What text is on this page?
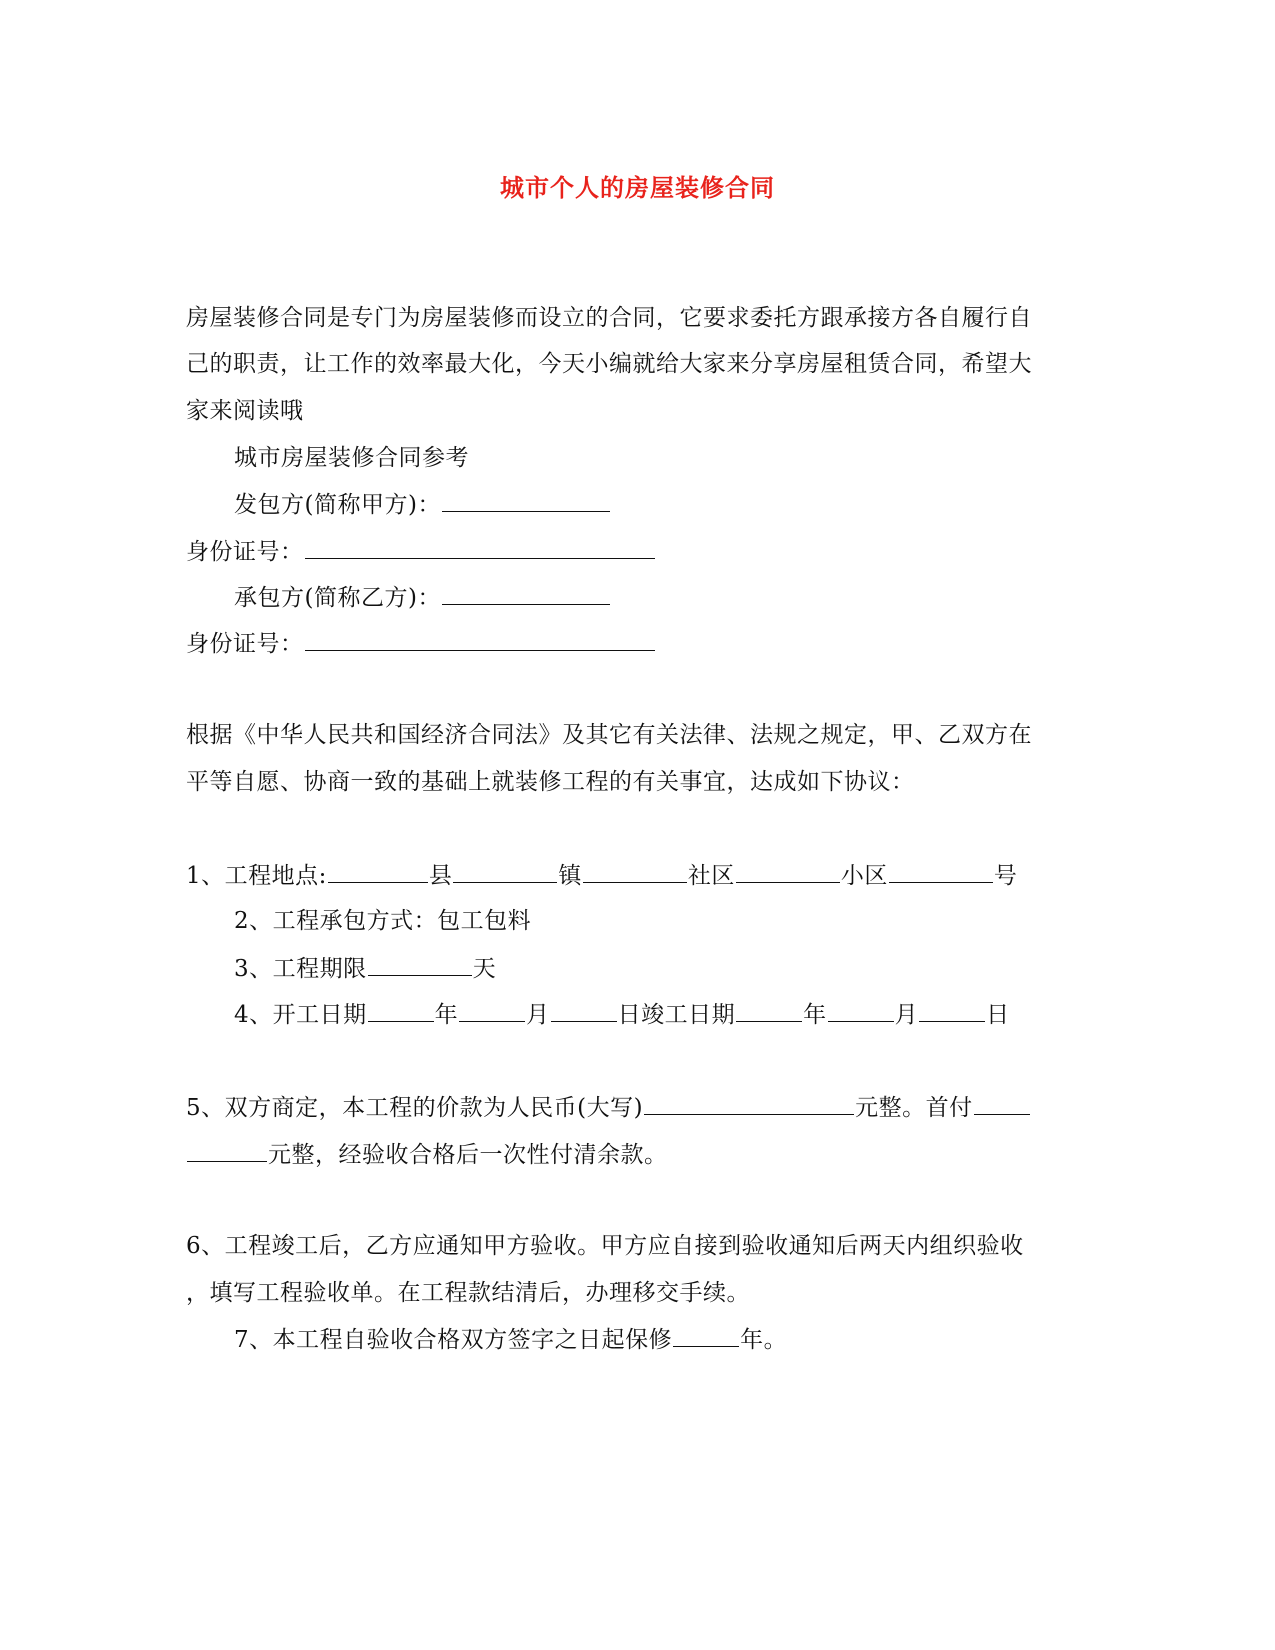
城市个人的房屋装修合同
房屋装修合同是专门为房屋装修而设立的合同，它要求委托方跟承接方各自履行自
己的职责，让工作的效率最大化，今天小编就给大家来分享房屋租赁合同，希望大
家来阅读哦
城市房屋装修合同参考
发包方(简称甲方)：
身份证号：
承包方(简称乙方)：
身份证号：
根据《中华人民共和国经济合同法》及其它有关法律、法规之规定，甲、乙双方在
平等自愿、协商一致的基础上就装修工程的有关事宜，达成如下协议：
1、工程地点:	县	镇	社区	小区	号
2、工程承包方式：包工包料
3、工程期限	天
4、开工日期	年	月	日竣工日期	年	月	日
5、双方商定，本工程的价款为人民币(大写)	元整。首付
元整，经验收合格后一次性付清余款。
6、工程竣工后，乙方应通知甲方验收。甲方应自接到验收通知后两天内组织验收
，填写工程验收单。在工程款结清后，办理移交手续。
7、本工程自验收合格双方签字之日起保修	年。
